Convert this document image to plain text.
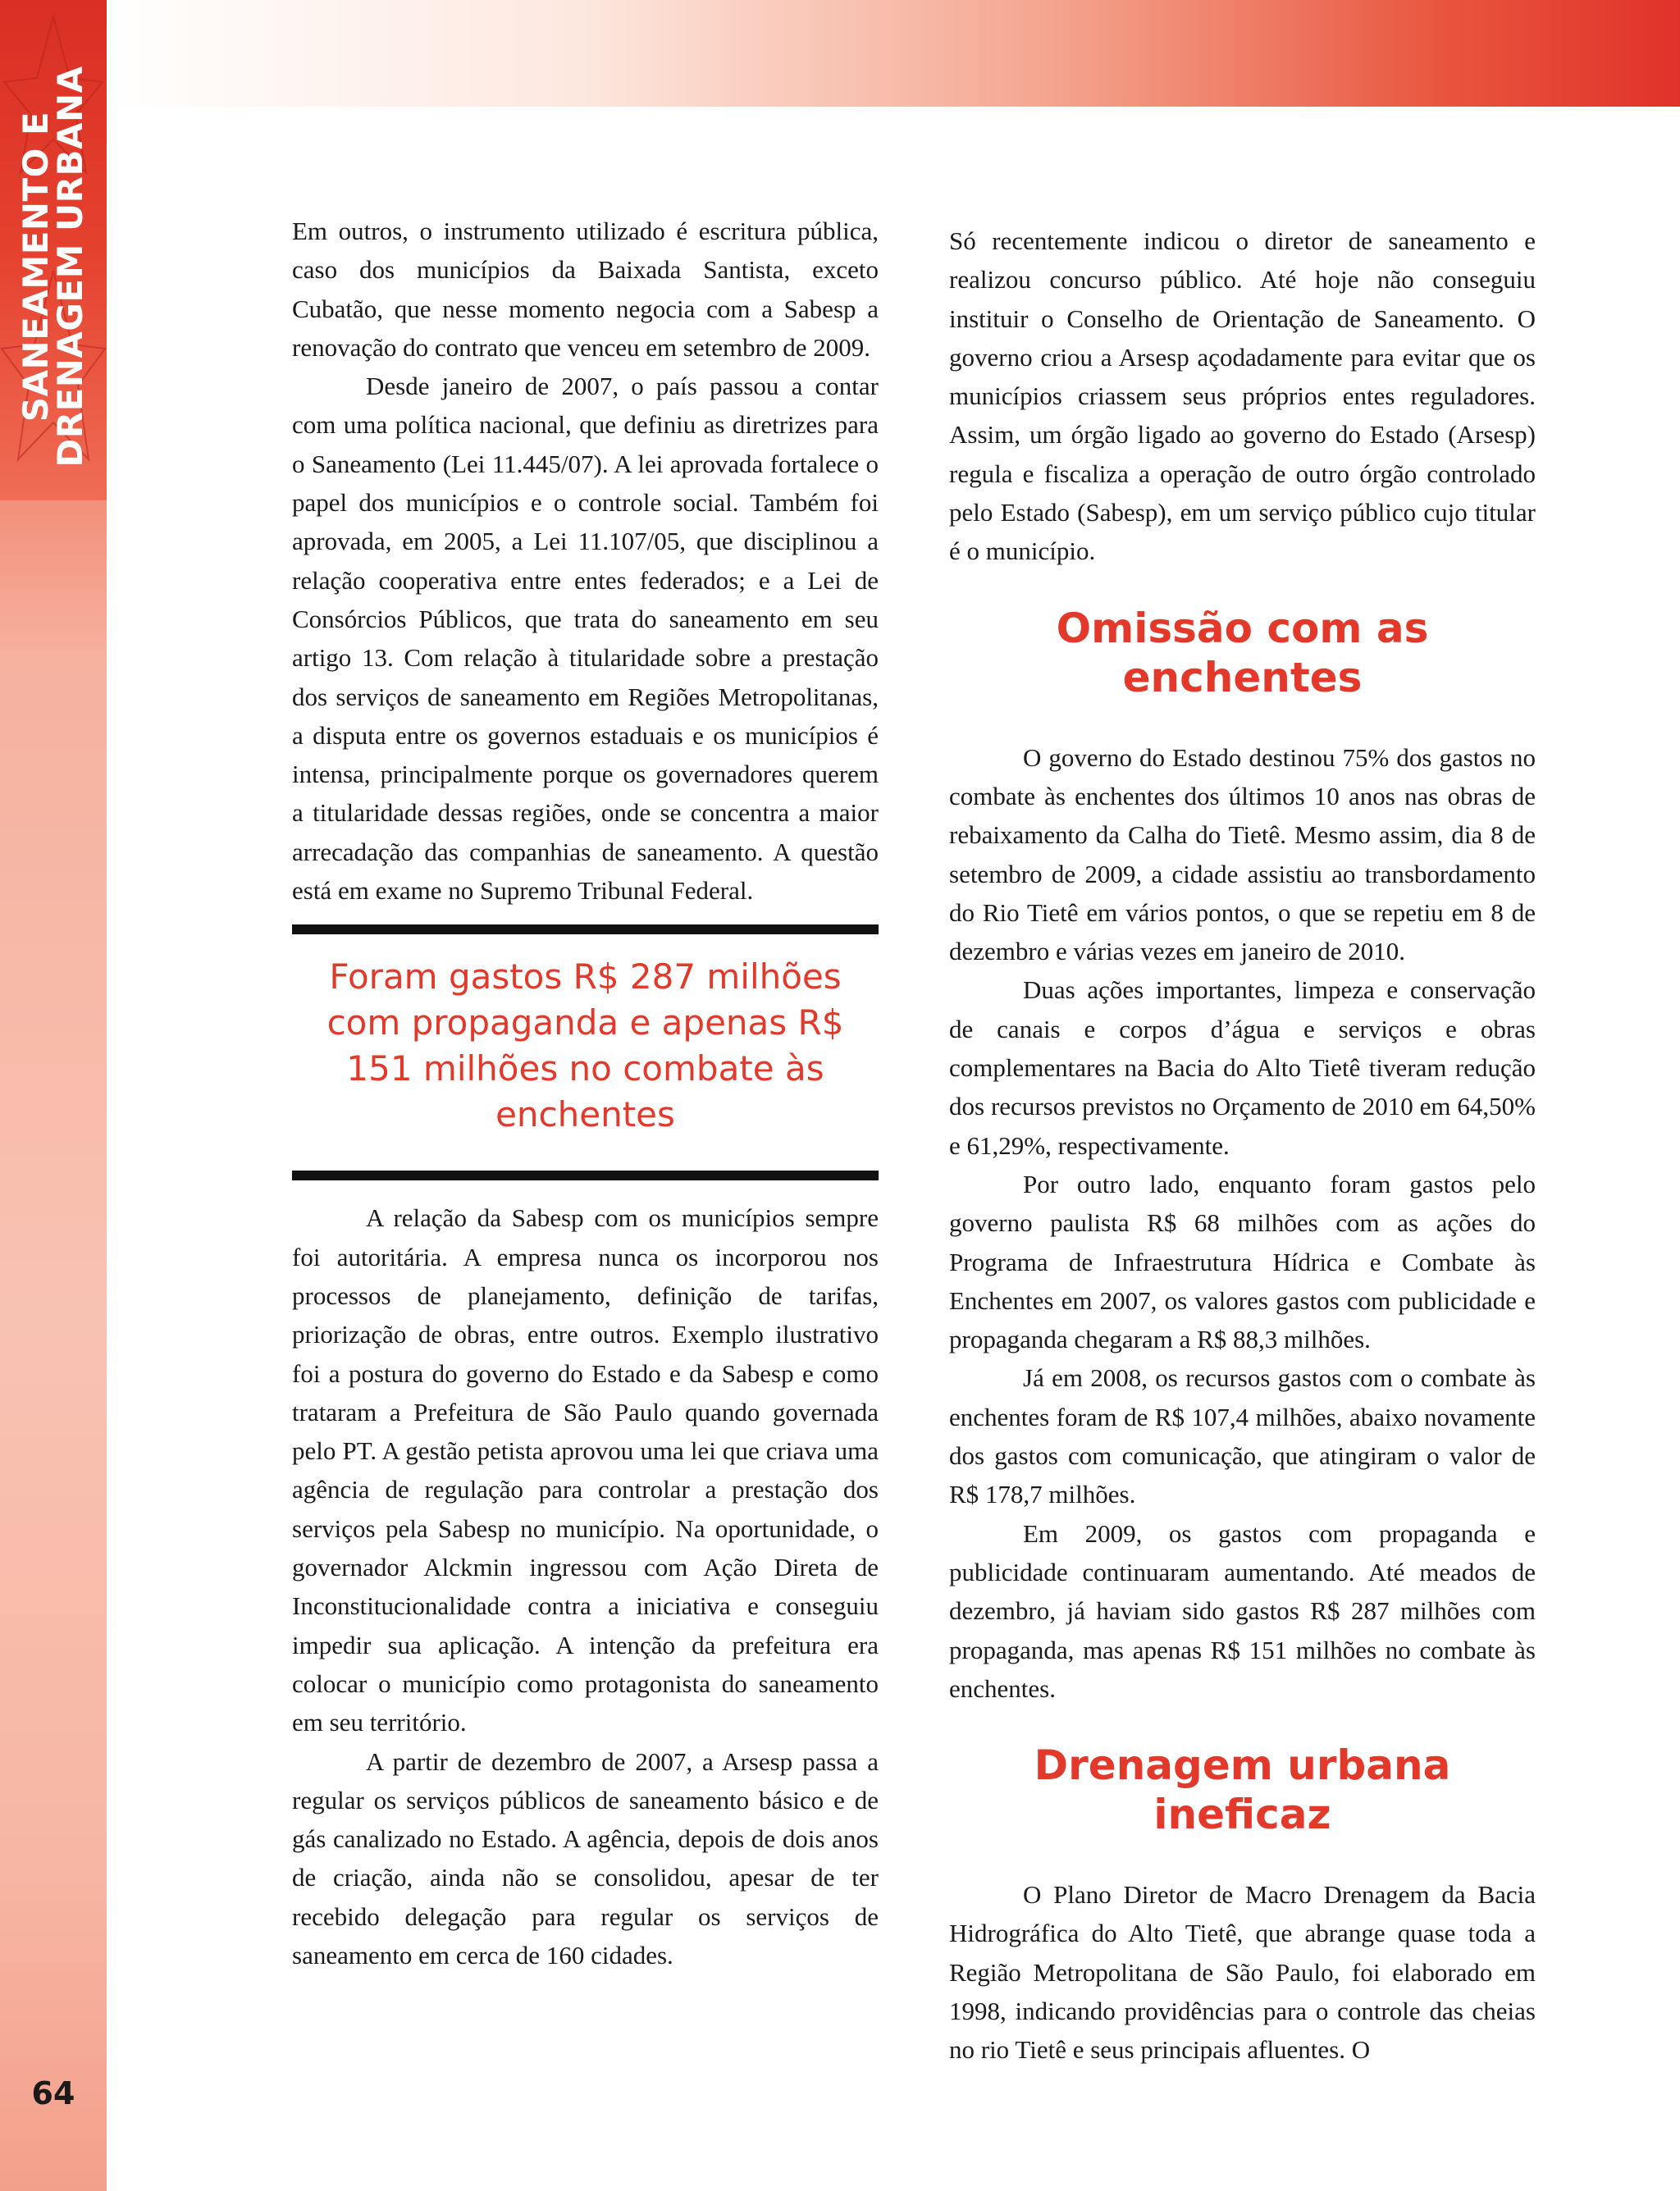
SANEAMENTO E
DRENAGEM URBANA
64

Em outros, o instrumento utilizado é escritura pública, caso dos municípios da Baixada Santista, exceto Cubatão, que nesse momento negocia com a Sabesp a renovação do contrato que venceu em setembro de 2009.

Desde janeiro de 2007, o país passou a contar com uma política nacional, que definiu as diretrizes para o Saneamento (Lei 11.445/07). A lei aprovada fortalece o papel dos municípios e o controle social. Também foi aprovada, em 2005, a Lei 11.107/05, que disciplinou a relação cooperativa entre entes federados; e a Lei de Consórcios Públicos, que trata do saneamento em seu artigo 13. Com relação à titularidade sobre a prestação dos serviços de saneamento em Regiões Metropolitanas, a disputa entre os governos estaduais e os municípios é intensa, principalmente porque os governadores querem a titularidade dessas regiões, onde se concentra a maior arrecadação das companhias de saneamento. A questão está em exame no Supremo Tribunal Federal.

Foram gastos R$ 287 milhões com propaganda e apenas R$ 151 milhões no combate às enchentes

A relação da Sabesp com os municípios sempre foi autoritária. A empresa nunca os incorporou nos processos de planejamento, definição de tarifas, priorização de obras, entre outros. Exemplo ilustrativo foi a postura do governo do Estado e da Sabesp e como trataram a Prefeitura de São Paulo quando governada pelo PT. A gestão petista aprovou uma lei que criava uma agência de regulação para controlar a prestação dos serviços pela Sabesp no município. Na oportunidade, o governador Alckmin ingressou com Ação Direta de Inconstitucionalidade contra a iniciativa e conseguiu impedir sua aplicação. A intenção da prefeitura era colocar o município como protagonista do saneamento em seu território.

A partir de dezembro de 2007, a Arsesp passa a regular os serviços públicos de saneamento básico e de gás canalizado no Estado. A agência, depois de dois anos de criação, ainda não se consolidou, apesar de ter recebido delegação para regular os serviços de saneamento em cerca de 160 cidades.

Só recentemente indicou o diretor de saneamento e realizou concurso público. Até hoje não conseguiu instituir o Conselho de Orientação de Saneamento. O governo criou a Arsesp açodadamente para evitar que os municípios criassem seus próprios entes reguladores. Assim, um órgão ligado ao governo do Estado (Arsesp) regula e fiscaliza a operação de outro órgão controlado pelo Estado (Sabesp), em um serviço público cujo titular é o município.

Omissão com as enchentes

O governo do Estado destinou 75% dos gastos no combate às enchentes dos últimos 10 anos nas obras de rebaixamento da Calha do Tietê. Mesmo assim, dia 8 de setembro de 2009, a cidade assistiu ao transbordamento do Rio Tietê em vários pontos, o que se repetiu em 8 de dezembro e várias vezes em janeiro de 2010.

Duas ações importantes, limpeza e conservação de canais e corpos d’água e serviços e obras complementares na Bacia do Alto Tietê tiveram redução dos recursos previstos no Orçamento de 2010 em 64,50% e 61,29%, respectivamente.

Por outro lado, enquanto foram gastos pelo governo paulista R$ 68 milhões com as ações do Programa de Infraestrutura Hídrica e Combate às Enchentes em 2007, os valores gastos com publicidade e propaganda chegaram a R$ 88,3 milhões.

Já em 2008, os recursos gastos com o combate às enchentes foram de R$ 107,4 milhões, abaixo novamente dos gastos com comunicação, que atingiram o valor de R$ 178,7 milhões.

Em 2009, os gastos com propaganda e publicidade continuaram aumentando. Até meados de dezembro, já haviam sido gastos R$ 287 milhões com propaganda, mas apenas R$ 151 milhões no combate às enchentes.

Drenagem urbana ineficaz

O Plano Diretor de Macro Drenagem da Bacia Hidrográfica do Alto Tietê, que abrange quase toda a Região Metropolitana de São Paulo, foi elaborado em 1998, indicando providências para o controle das cheias no rio Tietê e seus principais afluentes. O
